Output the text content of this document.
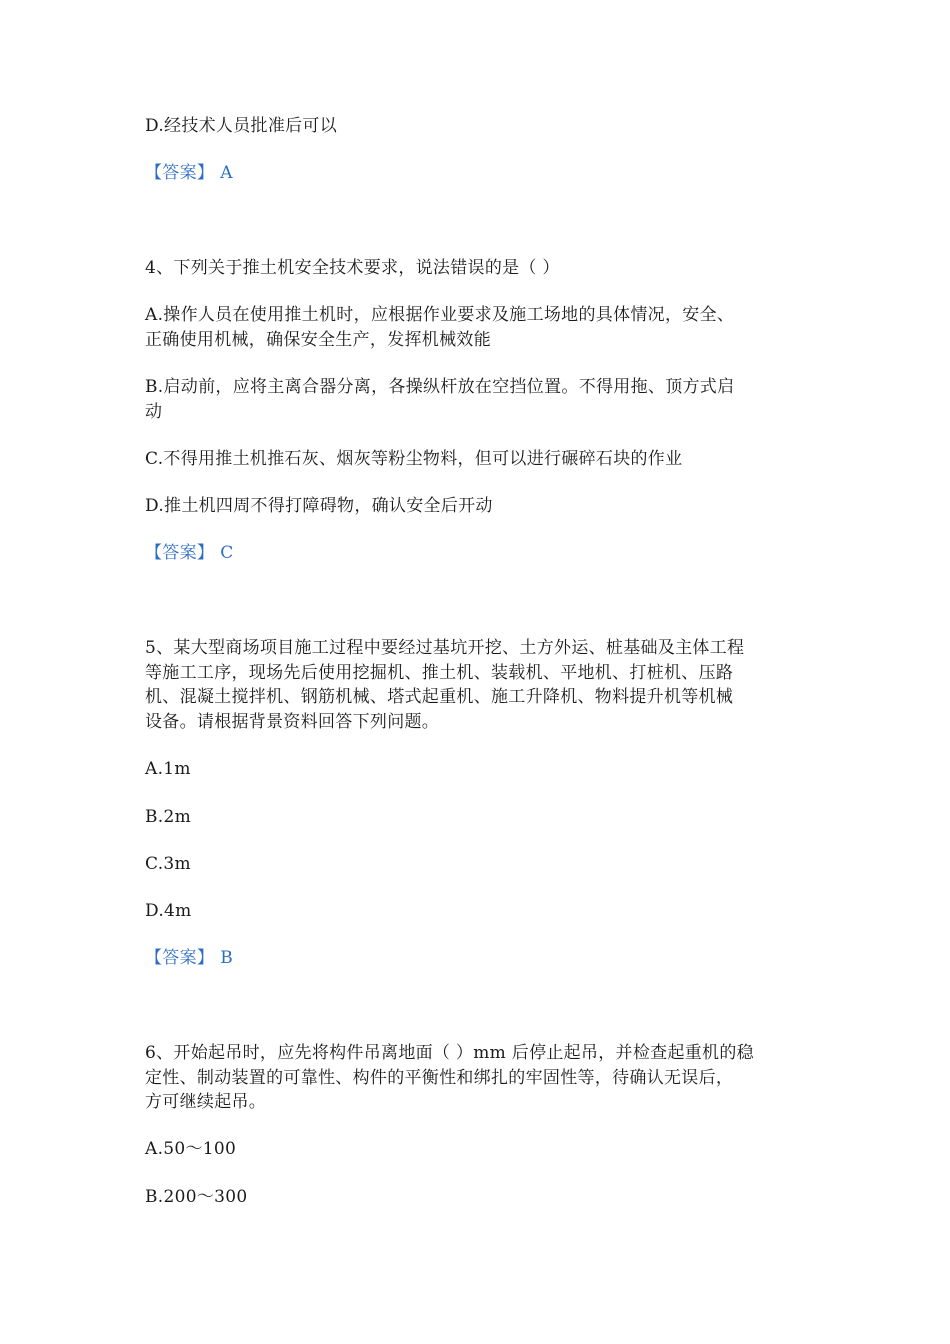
D.经技术人员批准后可以
【答案】 A
4、下列关于推土机安全技术要求，说法错误的是（ ）
A.操作人员在使用推土机时，应根据作业要求及施工场地的具体情况，安全、
正确使用机械，确保安全生产，发挥机械效能
B.启动前，应将主离合器分离，各操纵杆放在空挡位置。不得用拖、顶方式启
动
C.不得用推土机推石灰、烟灰等粉尘物料，但可以进行碾碎石块的作业
D.推土机四周不得打障碍物，确认安全后开动
【答案】 C
5、某大型商场项目施工过程中要经过基坑开挖、土方外运、桩基础及主体工程
等施工工序，现场先后使用挖掘机、推土机、装载机、平地机、打桩机、压路
机、混凝土搅拌机、钢筋机械、塔式起重机、施工升降机、物料提升机等机械
设备。请根据背景资料回答下列问题。
A.1m
B.2m
C.3m
D.4m
【答案】 B
6、开始起吊时，应先将构件吊离地面（ ）mm 后停止起吊，并检查起重机的稳
定性、制动装置的可靠性、构件的平衡性和绑扎的牢固性等，待确认无误后，
方可继续起吊。
A.50～100
B.200～300
